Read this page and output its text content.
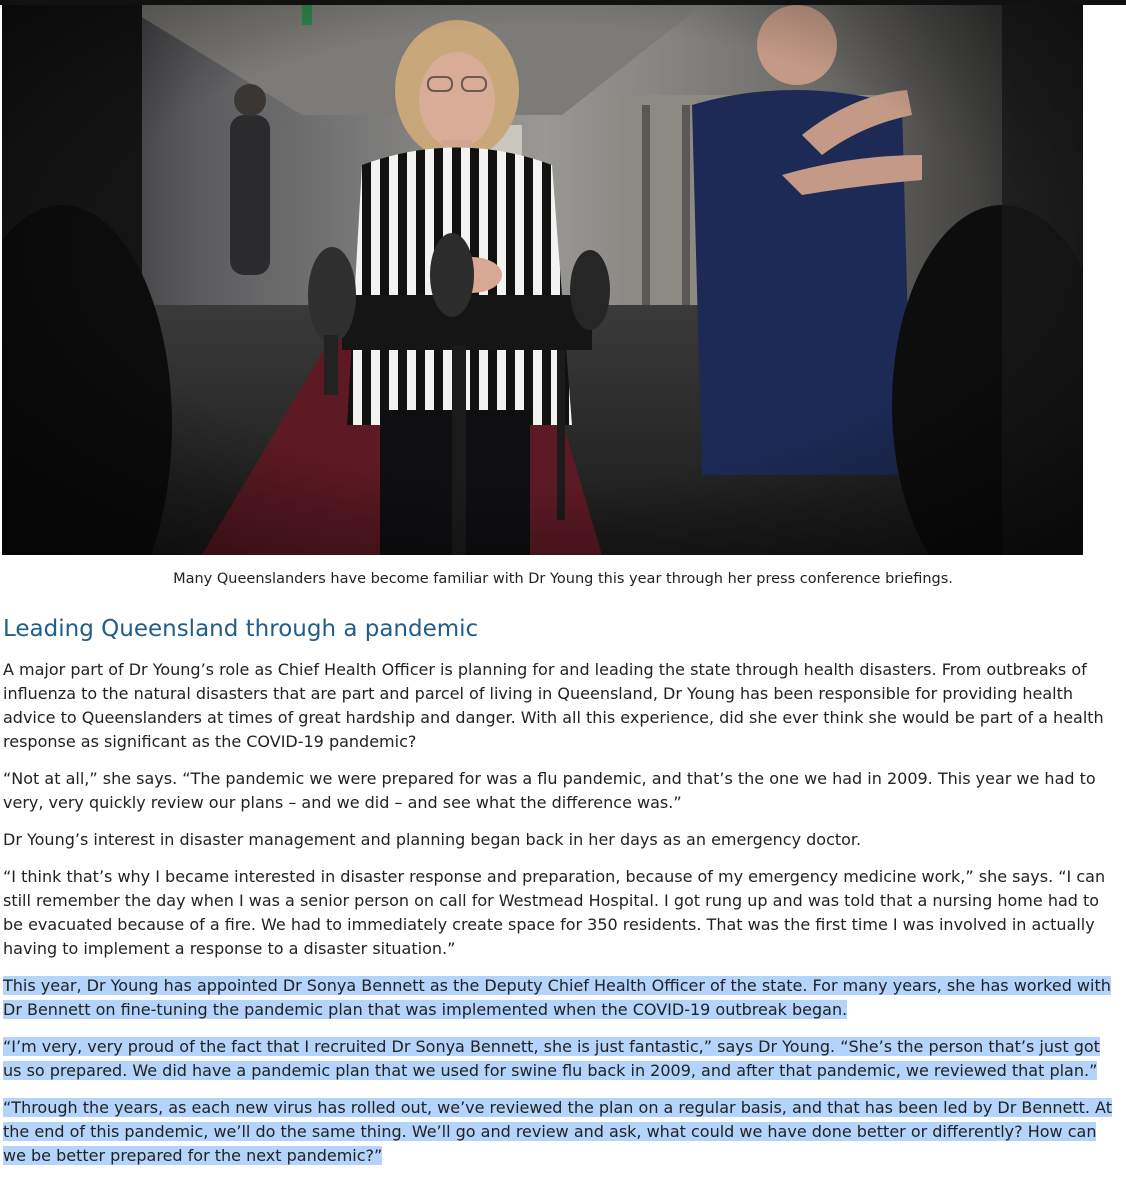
Many Queenslanders have become familiar with Dr Young this year through her press conference briefings.
Leading Queensland through a pandemic

A major part of Dr Young’s role as Chief Health Officer is planning for and leading the state through health disasters. From outbreaks of influenza to the natural disasters that are part and parcel of living in Queensland, Dr Young has been responsible for providing health advice to Queenslanders at times of great hardship and danger. With all this experience, did she ever think she would be part of a health response as significant as the COVID-19 pandemic?

“Not at all,” she says. “The pandemic we were prepared for was a flu pandemic, and that’s the one we had in 2009. This year we had to very, very quickly review our plans – and we did – and see what the difference was.”

Dr Young’s interest in disaster management and planning began back in her days as an emergency doctor.

“I think that’s why I became interested in disaster response and preparation, because of my emergency medicine work,” she says. “I can still remember the day when I was a senior person on call for Westmead Hospital. I got rung up and was told that a nursing home had to be evacuated because of a fire. We had to immediately create space for 350 residents. That was the first time I was involved in actually having to implement a response to a disaster situation.”

This year, Dr Young has appointed Dr Sonya Bennett as the Deputy Chief Health Officer of the state. For many years, she has worked with Dr Bennett on fine-tuning the pandemic plan that was implemented when the COVID-19 outbreak began.

“I’m very, very proud of the fact that I recruited Dr Sonya Bennett, she is just fantastic,” says Dr Young. “She’s the person that’s just got us so prepared. We did have a pandemic plan that we used for swine flu back in 2009, and after that pandemic, we reviewed that plan.”

“Through the years, as each new virus has rolled out, we’ve reviewed the plan on a regular basis, and that has been led by Dr Bennett. At the end of this pandemic, we’ll do the same thing. We’ll go and review and ask, what could we have done better or differently? How can we be better prepared for the next pandemic?”
